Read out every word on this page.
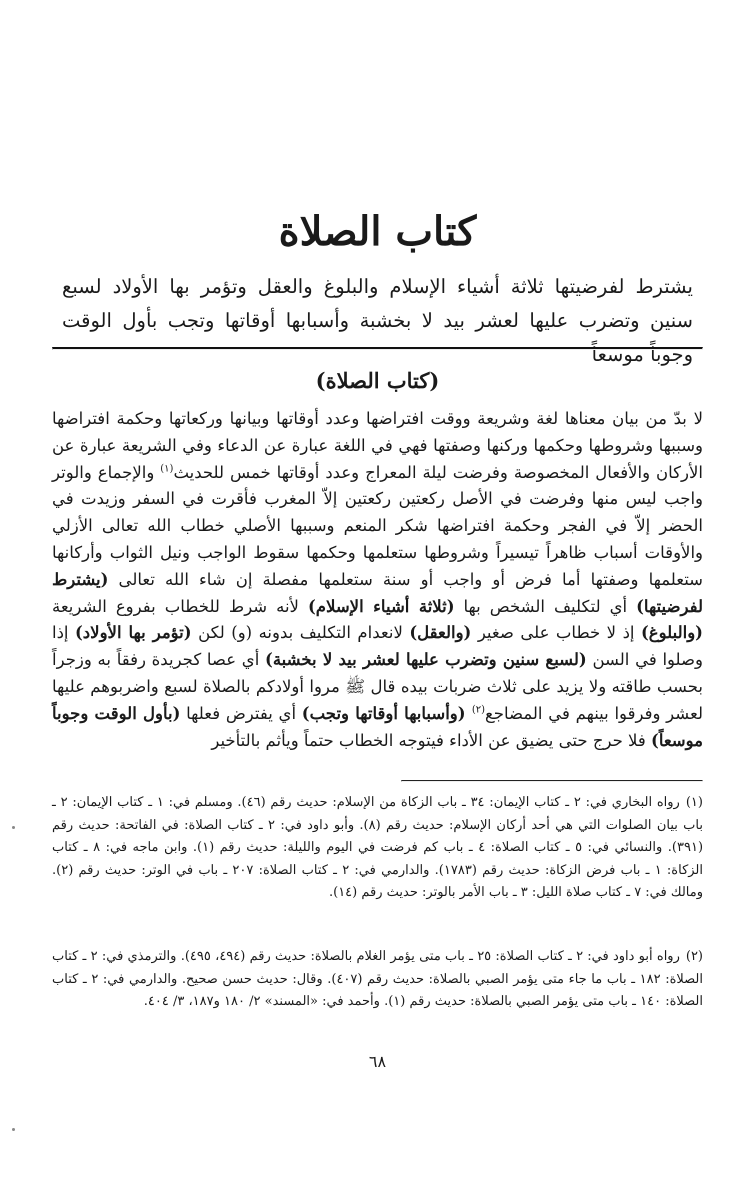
كتاب الصلاة

يشترط لفرضيتها ثلاثة أشياء الإسلام والبلوغ والعقل وتؤمر بها الأولاد لسبع سنين وتضرب عليها لعشر بيد لا بخشبة وأسبابها أوقاتها وتجب بأول الوقت وجوباً موسعاً

(كتاب الصلاة)

لا بدّ من بيان معناها لغة وشريعة ووقت افتراضها وعدد أوقاتها وبيانها وركعاتها وحكمة افتراضها وسببها وشروطها وحكمها وركنها وصفتها فهي في اللغة عبارة عن الدعاء وفي الشريعة عبارة عن الأركان والأفعال المخصوصة وفرضت ليلة المعراج وعدد أوقاتها خمس للحديث$^{(١)}$ والإجماع والوتر واجب ليس منها وفرضت في الأصل ركعتين ركعتين إلاّ المغرب فأقرت في السفر وزيدت في الحضر إلاّ في الفجر وحكمة افتراضها شكر المنعم وسببها الأصلي خطاب الله تعالى الأزلي والأوقات أسباب ظاهراً تيسيراً وشروطها ستعلمها وحكمها سقوط الواجب ونيل الثواب وأركانها ستعلمها وصفتها أما فرض أو واجب أو سنة ستعلمها مفصلة إن شاء الله تعالى (يشترط لفرضيتها) أي لتكليف الشخص بها (ثلاثة أشياء الإسلام) لأنه شرط للخطاب بفروع الشريعة (والبلوغ) إذ لا خطاب على صغير (والعقل) لانعدام التكليف بدونه (و) لكن (تؤمر بها الأولاد) إذا وصلوا في السن (لسبع سنين وتضرب عليها لعشر بيد لا بخشبة) أي عصا كجريدة رفقاً به وزجراً بحسب طاقته ولا يزيد على ثلاث ضربات بيده قال ﷺ مروا أولادكم بالصلاة لسبع واضربوهم عليها لعشر وفرقوا بينهم في المضاجع$^{(٢)}$ (وأسبابها أوقاتها وتجب) أي يفترض فعلها (بأول الوقت وجوباً موسعاً) فلا حرج حتى يضيق عن الأداء فيتوجه الخطاب حتماً ويأثم بالتأخير

(١)رواه البخاري في: ٢ ـ كتاب الإيمان: ٣٤ ـ باب الزكاة من الإسلام: حديث رقم (٤٦). ومسلم في: ١ ـ كتاب الإيمان: ٢ ـ باب بيان الصلوات التي هي أحد أركان الإسلام: حديث رقم (٨). وأبو داود في: ٢ ـ كتاب الصلاة: في الفاتحة: حديث رقم (٣٩١). والنسائي في: ٥ ـ كتاب الصلاة: ٤ ـ باب كم فرضت في اليوم والليلة: حديث رقم (١). وابن ماجه في: ٨ ـ كتاب الزكاة: ١ ـ باب فرض الزكاة: حديث رقم (١٧٨٣). والدارمي في: ٢ ـ كتاب الصلاة: ٢٠٧ ـ باب في الوتر: حديث رقم (٢). ومالك في: ٧ ـ كتاب صلاة الليل: ٣ ـ باب الأمر بالوتر: حديث رقم (١٤).

(٢)رواه أبو داود في: ٢ ـ كتاب الصلاة: ٢٥ ـ باب متى يؤمر الغلام بالصلاة: حديث رقم (٤٩٤، ٤٩٥). والترمذي في: ٢ ـ كتاب الصلاة: ١٨٢ ـ باب ما جاء متى يؤمر الصبي بالصلاة: حديث رقم (٤٠٧). وقال: حديث حسن صحيح. والدارمي في: ٢ ـ كتاب الصلاة: ١٤٠ ـ باب متى يؤمر الصبي بالصلاة: حديث رقم (١). وأحمد في: «المسند» ٢/ ١٨٠ و١٨٧، ٣/ ٤٠٤.

٦٨
